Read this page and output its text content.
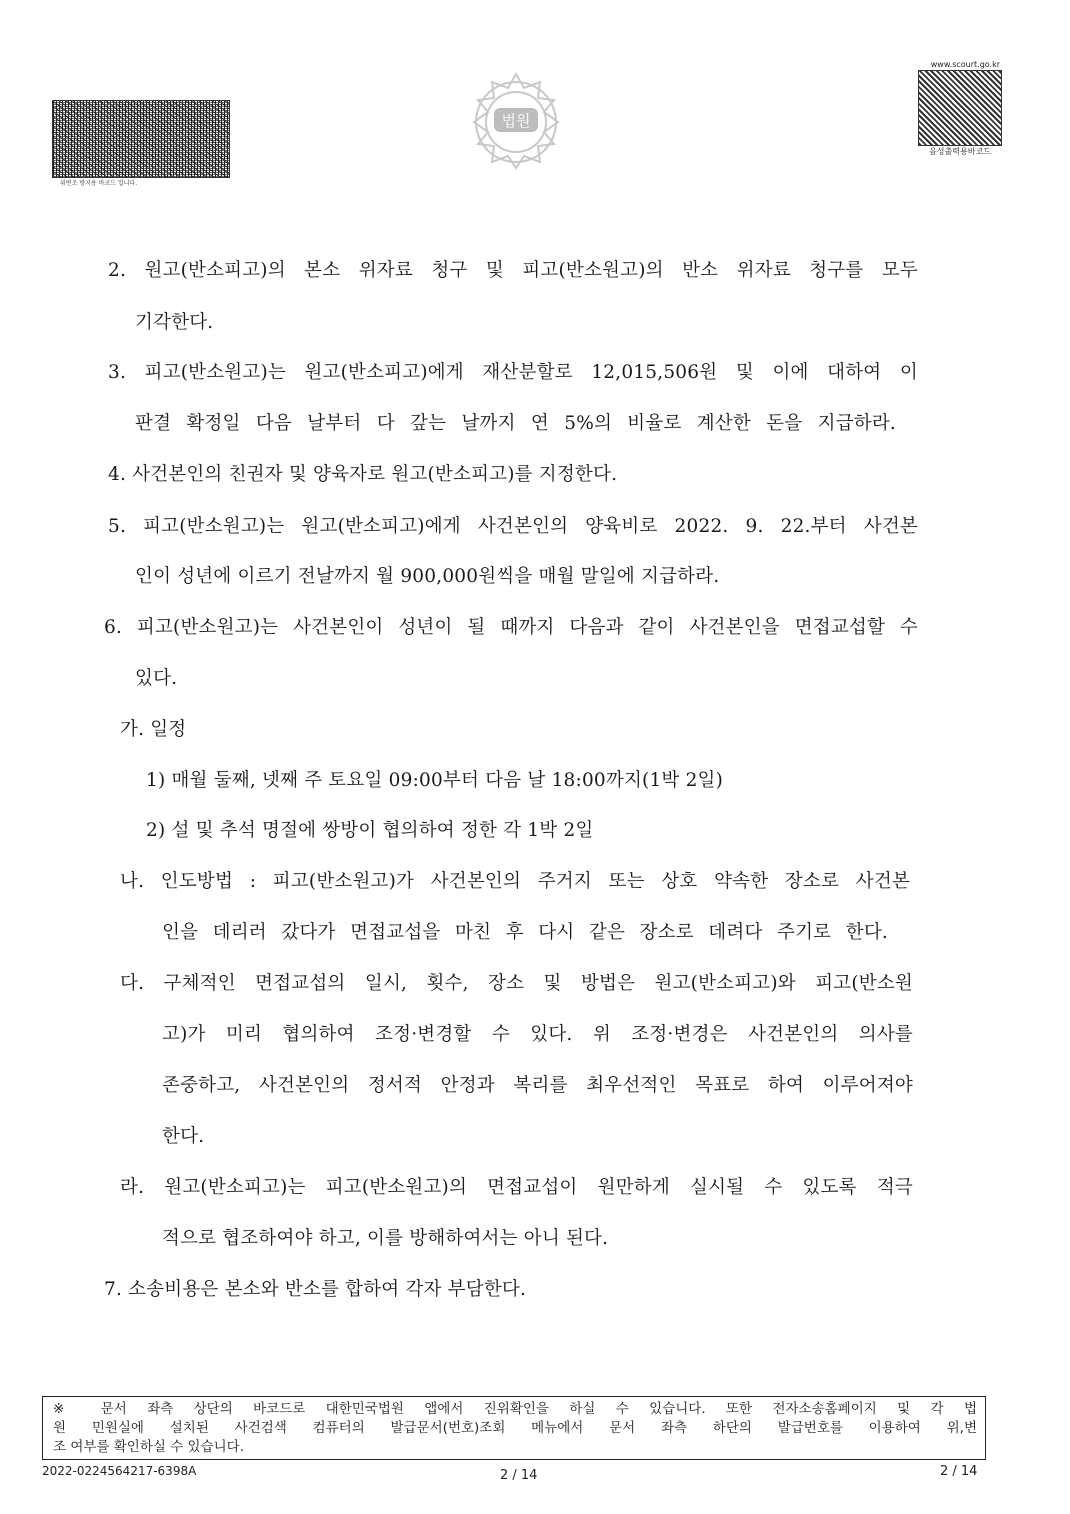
위변조 방지용 바코드 입니다.
법원
www.scourt.go.kr
음성출력용바코드
2. 원고(반소피고)의 본소 위자료 청구 및 피고(반소원고)의 반소 위자료 청구를 모두
기각한다.
3. 피고(반소원고)는 원고(반소피고)에게 재산분할로 12,015,506원 및 이에 대하여 이
판결 확정일 다음 날부터 다 갚는 날까지 연 5%의 비율로 계산한 돈을 지급하라.
4. 사건본인의 친권자 및 양육자로 원고(반소피고)를 지정한다.
5. 피고(반소원고)는 원고(반소피고)에게 사건본인의 양육비로 2022. 9. 22.부터 사건본
인이 성년에 이르기 전날까지 월 900,000원씩을 매월 말일에 지급하라.
6. 피고(반소원고)는 사건본인이 성년이 될 때까지 다음과 같이 사건본인을 면접교섭할 수
있다.
가. 일정
1) 매월 둘째, 넷째 주 토요일 09:00부터 다음 날 18:00까지(1박 2일)
2) 설 및 추석 명절에 쌍방이 협의하여 정한 각 1박 2일
나. 인도방법 : 피고(반소원고)가 사건본인의 주거지 또는 상호 약속한 장소로 사건본
인을 데리러 갔다가 면접교섭을 마친 후 다시 같은 장소로 데려다 주기로 한다.
다. 구체적인 면접교섭의 일시, 횟수, 장소 및 방법은 원고(반소피고)와 피고(반소원
고)가 미리 협의하여 조정·변경할 수 있다. 위 조정·변경은 사건본인의 의사를
존중하고, 사건본인의 정서적 안정과 복리를 최우선적인 목표로 하여 이루어져야
한다.
라. 원고(반소피고)는 피고(반소원고)의 면접교섭이 원만하게 실시될 수 있도록 적극
적으로 협조하여야 하고, 이를 방해하여서는 아니 된다.
7. 소송비용은 본소와 반소를 합하여 각자 부담한다.
※ 문서 좌측 상단의 바코드로 대한민국법원 앱에서 진위확인을 하실 수 있습니다. 또한 전자소송홈페이지 및 각 법
원 민원실에 설치된 사건검색 컴퓨터의 발급문서(번호)조회 메뉴에서 문서 좌측 하단의 발급번호를 이용하여 위,변
조 여부를 확인하실 수 있습니다.
2022-0224564217-6398A	2 / 14	2 / 14
